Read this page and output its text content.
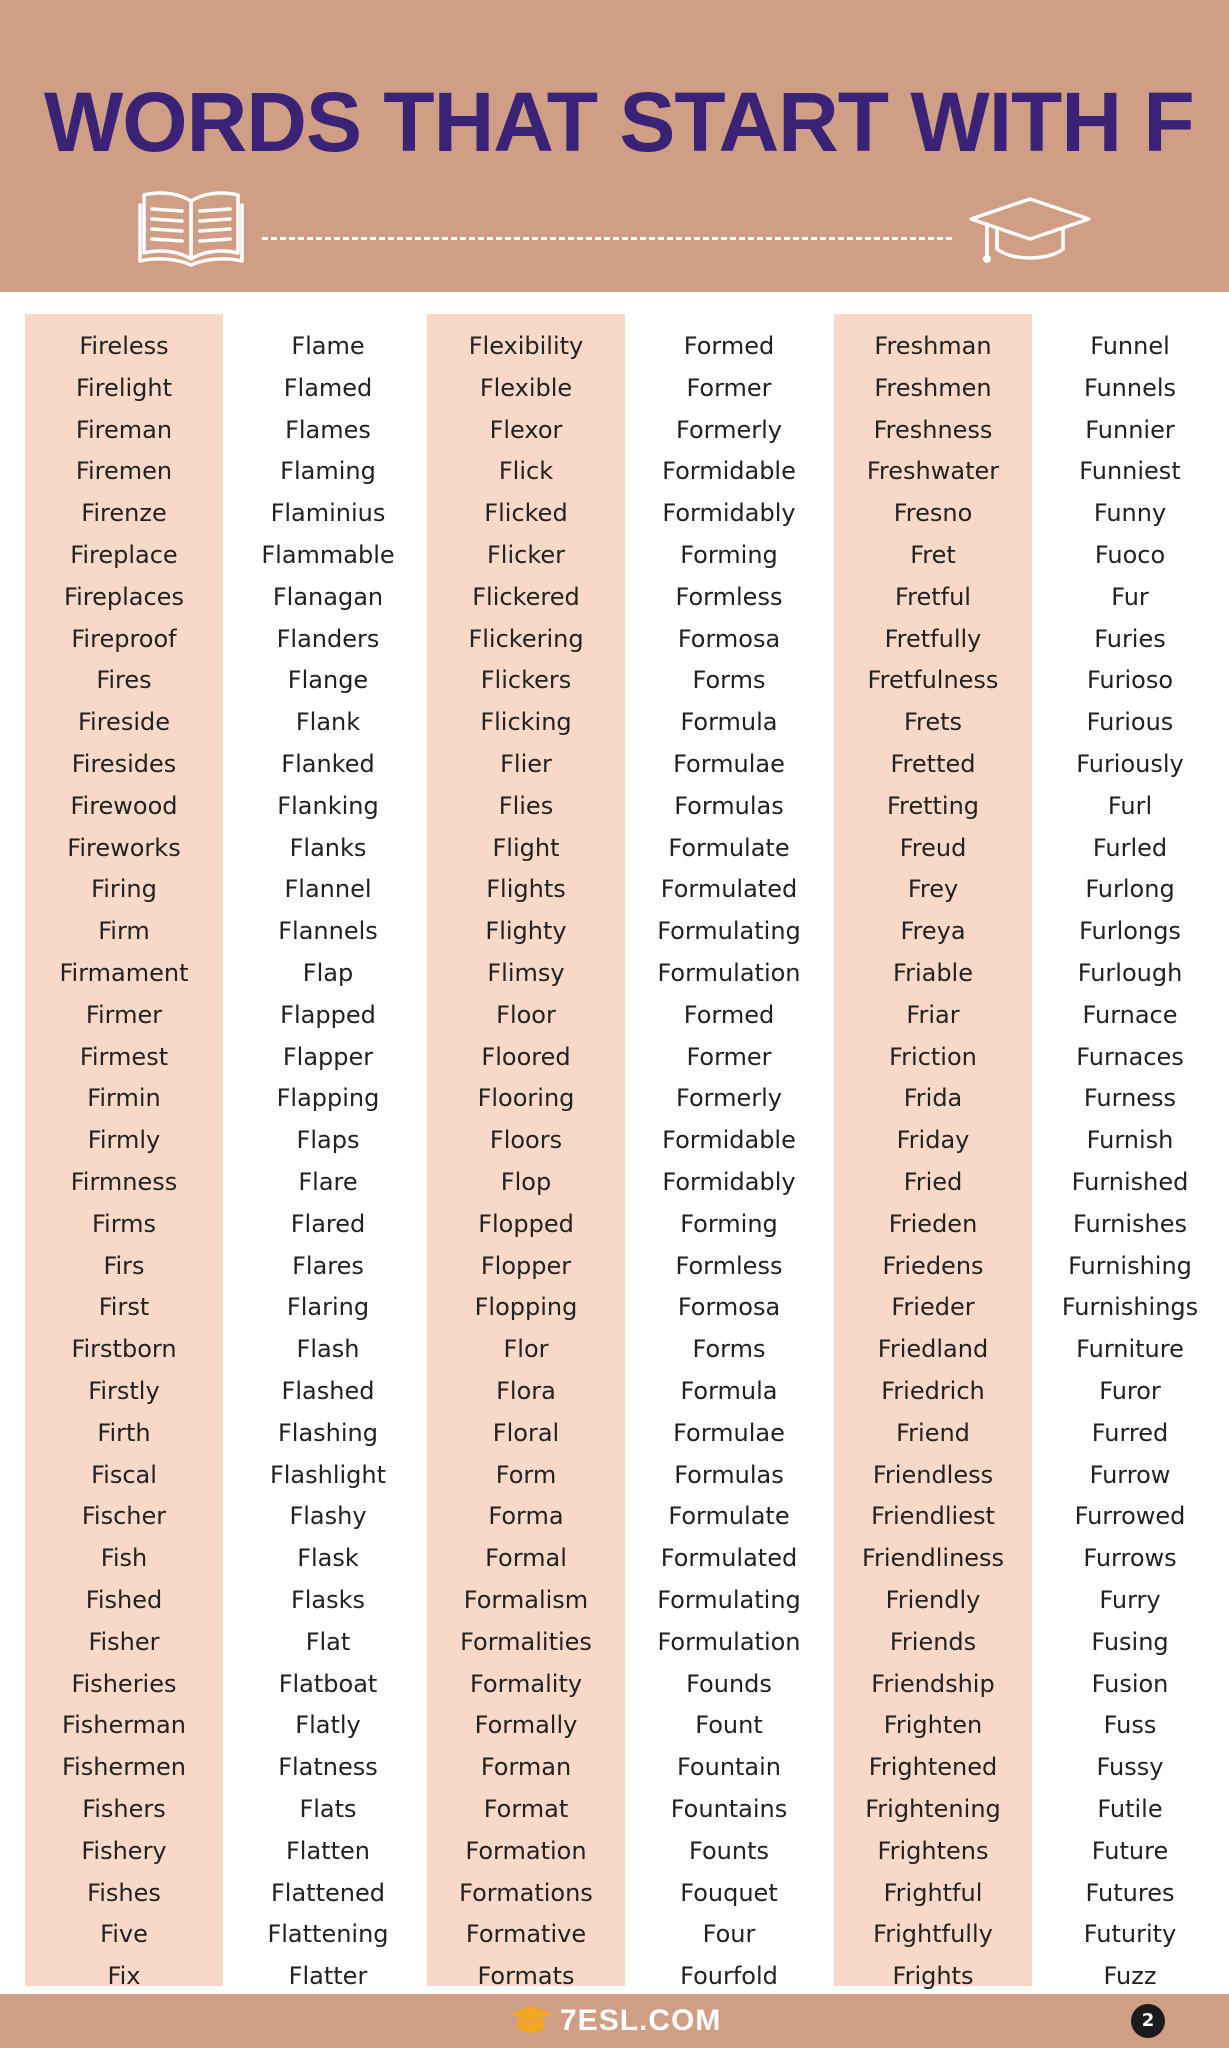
WORDS THAT START WITH F
Fireless
Firelight
Fireman
Firemen
Firenze
Fireplace
Fireplaces
Fireproof
Fires
Fireside
Firesides
Firewood
Fireworks
Firing
Firm
Firmament
Firmer
Firmest
Firmin
Firmly
Firmness
Firms
Firs
First
Firstborn
Firstly
Firth
Fiscal
Fischer
Fish
Fished
Fisher
Fisheries
Fisherman
Fishermen
Fishers
Fishery
Fishes
Five
Fix
Flame
Flamed
Flames
Flaming
Flaminius
Flammable
Flanagan
Flanders
Flange
Flank
Flanked
Flanking
Flanks
Flannel
Flannels
Flap
Flapped
Flapper
Flapping
Flaps
Flare
Flared
Flares
Flaring
Flash
Flashed
Flashing
Flashlight
Flashy
Flask
Flasks
Flat
Flatboat
Flatly
Flatness
Flats
Flatten
Flattened
Flattening
Flatter
Flexibility
Flexible
Flexor
Flick
Flicked
Flicker
Flickered
Flickering
Flickers
Flicking
Flier
Flies
Flight
Flights
Flighty
Flimsy
Floor
Floored
Flooring
Floors
Flop
Flopped
Flopper
Flopping
Flor
Flora
Floral
Form
Forma
Formal
Formalism
Formalities
Formality
Formally
Forman
Format
Formation
Formations
Formative
Formats
Formed
Former
Formerly
Formidable
Formidably
Forming
Formless
Formosa
Forms
Formula
Formulae
Formulas
Formulate
Formulated
Formulating
Formulation
Formed
Former
Formerly
Formidable
Formidably
Forming
Formless
Formosa
Forms
Formula
Formulae
Formulas
Formulate
Formulated
Formulating
Formulation
Founds
Fount
Fountain
Fountains
Founts
Fouquet
Four
Fourfold
Freshman
Freshmen
Freshness
Freshwater
Fresno
Fret
Fretful
Fretfully
Fretfulness
Frets
Fretted
Fretting
Freud
Frey
Freya
Friable
Friar
Friction
Frida
Friday
Fried
Frieden
Friedens
Frieder
Friedland
Friedrich
Friend
Friendless
Friendliest
Friendliness
Friendly
Friends
Friendship
Frighten
Frightened
Frightening
Frightens
Frightful
Frightfully
Frights
Funnel
Funnels
Funnier
Funniest
Funny
Fuoco
Fur
Furies
Furioso
Furious
Furiously
Furl
Furled
Furlong
Furlongs
Furlough
Furnace
Furnaces
Furness
Furnish
Furnished
Furnishes
Furnishing
Furnishings
Furniture
Furor
Furred
Furrow
Furrowed
Furrows
Furry
Fusing
Fusion
Fuss
Fussy
Futile
Future
Futures
Futurity
Fuzz
7ESL.COM	2
